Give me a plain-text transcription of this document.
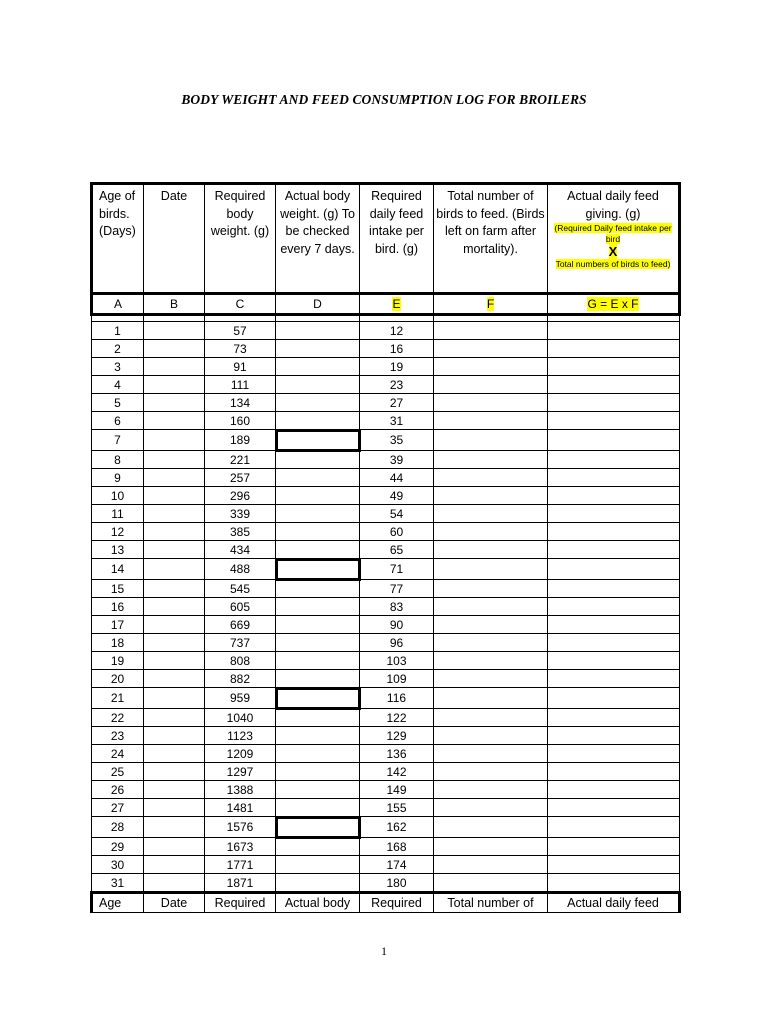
BODY WEIGHT AND FEED CONSUMPTION LOG FOR BROILERS
Age of birds. (Days)	Date	Required body weight. (g)	Actual body weight. (g) To be checked every 7 days.	Required daily feed intake per bird. (g)	Total number of birds to feed. (Birds left on farm after mortality).	Actual daily feed giving. (g)
(Required Daily feed intake per bird
X
Total numbers of birds to feed)

A	B	C	D	E	F	G = E x F

1		57		12		
2		73		16		
3		91		19		
4		111		23		
5		134		27		
6		160		31		
7		189		35		
8		221		39		
9		257		44		
10		296		49		
11		339		54		
12		385		60		
13		434		65		
14		488		71		
15		545		77		
16		605		83		
17		669		90		
18		737		96		
19		808		103		
20		882		109		
21		959		116		
22		1040		122		
23		1123		129		
24		1209		136		
25		1297		142		
26		1388		149		
27		1481		155		
28		1576		162		
29		1673		168		
30		1771		174		
31		1871		180		
Age	Date	Required	Actual body	Required	Total number of	Actual daily feed
1
